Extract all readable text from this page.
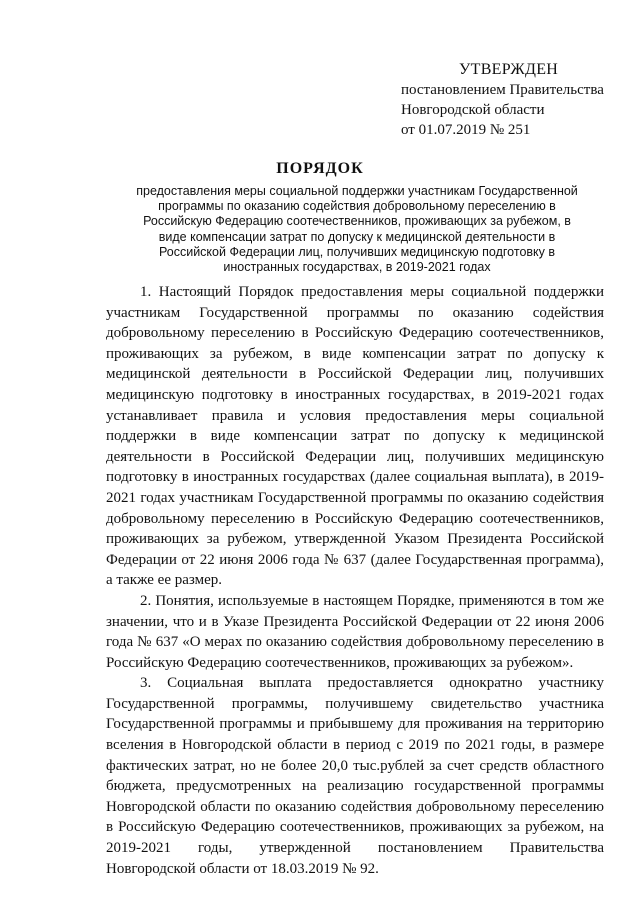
УТВЕРЖДЕН
постановлением Правительства
Новгородской области
от 01.07.2019 № 251
ПОРЯДОК
предоставления меры социальной поддержки участникам Государственной
программы по оказанию содействия добровольному переселению в
Российскую Федерацию соотечественников, проживающих за рубежом, в
виде компенсации затрат по допуску к медицинской деятельности в
Российской Федерации лиц, получивших медицинскую подготовку в
иностранных государствах, в 2019-2021 годах

1. Настоящий Порядок предоставления меры социальной поддержки участникам Государственной программы по оказанию содействия добровольному переселению в Российскую Федерацию соотечественников, проживающих за рубежом, в виде компенсации затрат по допуску к медицинской деятельности в Российской Федерации лиц, получивших медицинскую подготовку в иностранных государствах, в 2019-2021 годах устанавливает правила и условия предоставления меры социальной поддержки в виде компенсации затрат по допуску к медицинской деятельности в Российской Федерации лиц, получивших медицинскую подготовку в иностранных государствах (далее социальная выплата), в 2019-2021 годах участникам Государственной программы по оказанию содействия добровольному переселению в Российскую Федерацию соотечественников, проживающих за рубежом, утвержденной Указом Президента Российской Федерации от 22 июня 2006 года № 637 (далее Государственная программа), а также ее размер.

2. Понятия, используемые в настоящем Порядке, применяются в том же значении, что и в Указе Президента Российской Федерации от 22 июня 2006 года № 637 «О мерах по оказанию содействия добровольному переселению в Российскую Федерацию соотечественников, проживающих за рубежом».

3. Социальная выплата предоставляется однократно участнику Государственной программы, получившему свидетельство участника Государственной программы и прибывшему для проживания на территорию вселения в Новгородской области в период с 2019 по 2021 годы, в размере фактических затрат, но не более 20,0 тыс.рублей за счет средств областного бюджета, предусмотренных на реализацию государственной программы Новгородской области по оказанию содействия добровольному переселению в Российскую Федерацию соотечественников, проживающих за рубежом, на 2019-2021 годы, утвержденной постановлением Правительства Новгородской области от 18.03.2019 № 92.
